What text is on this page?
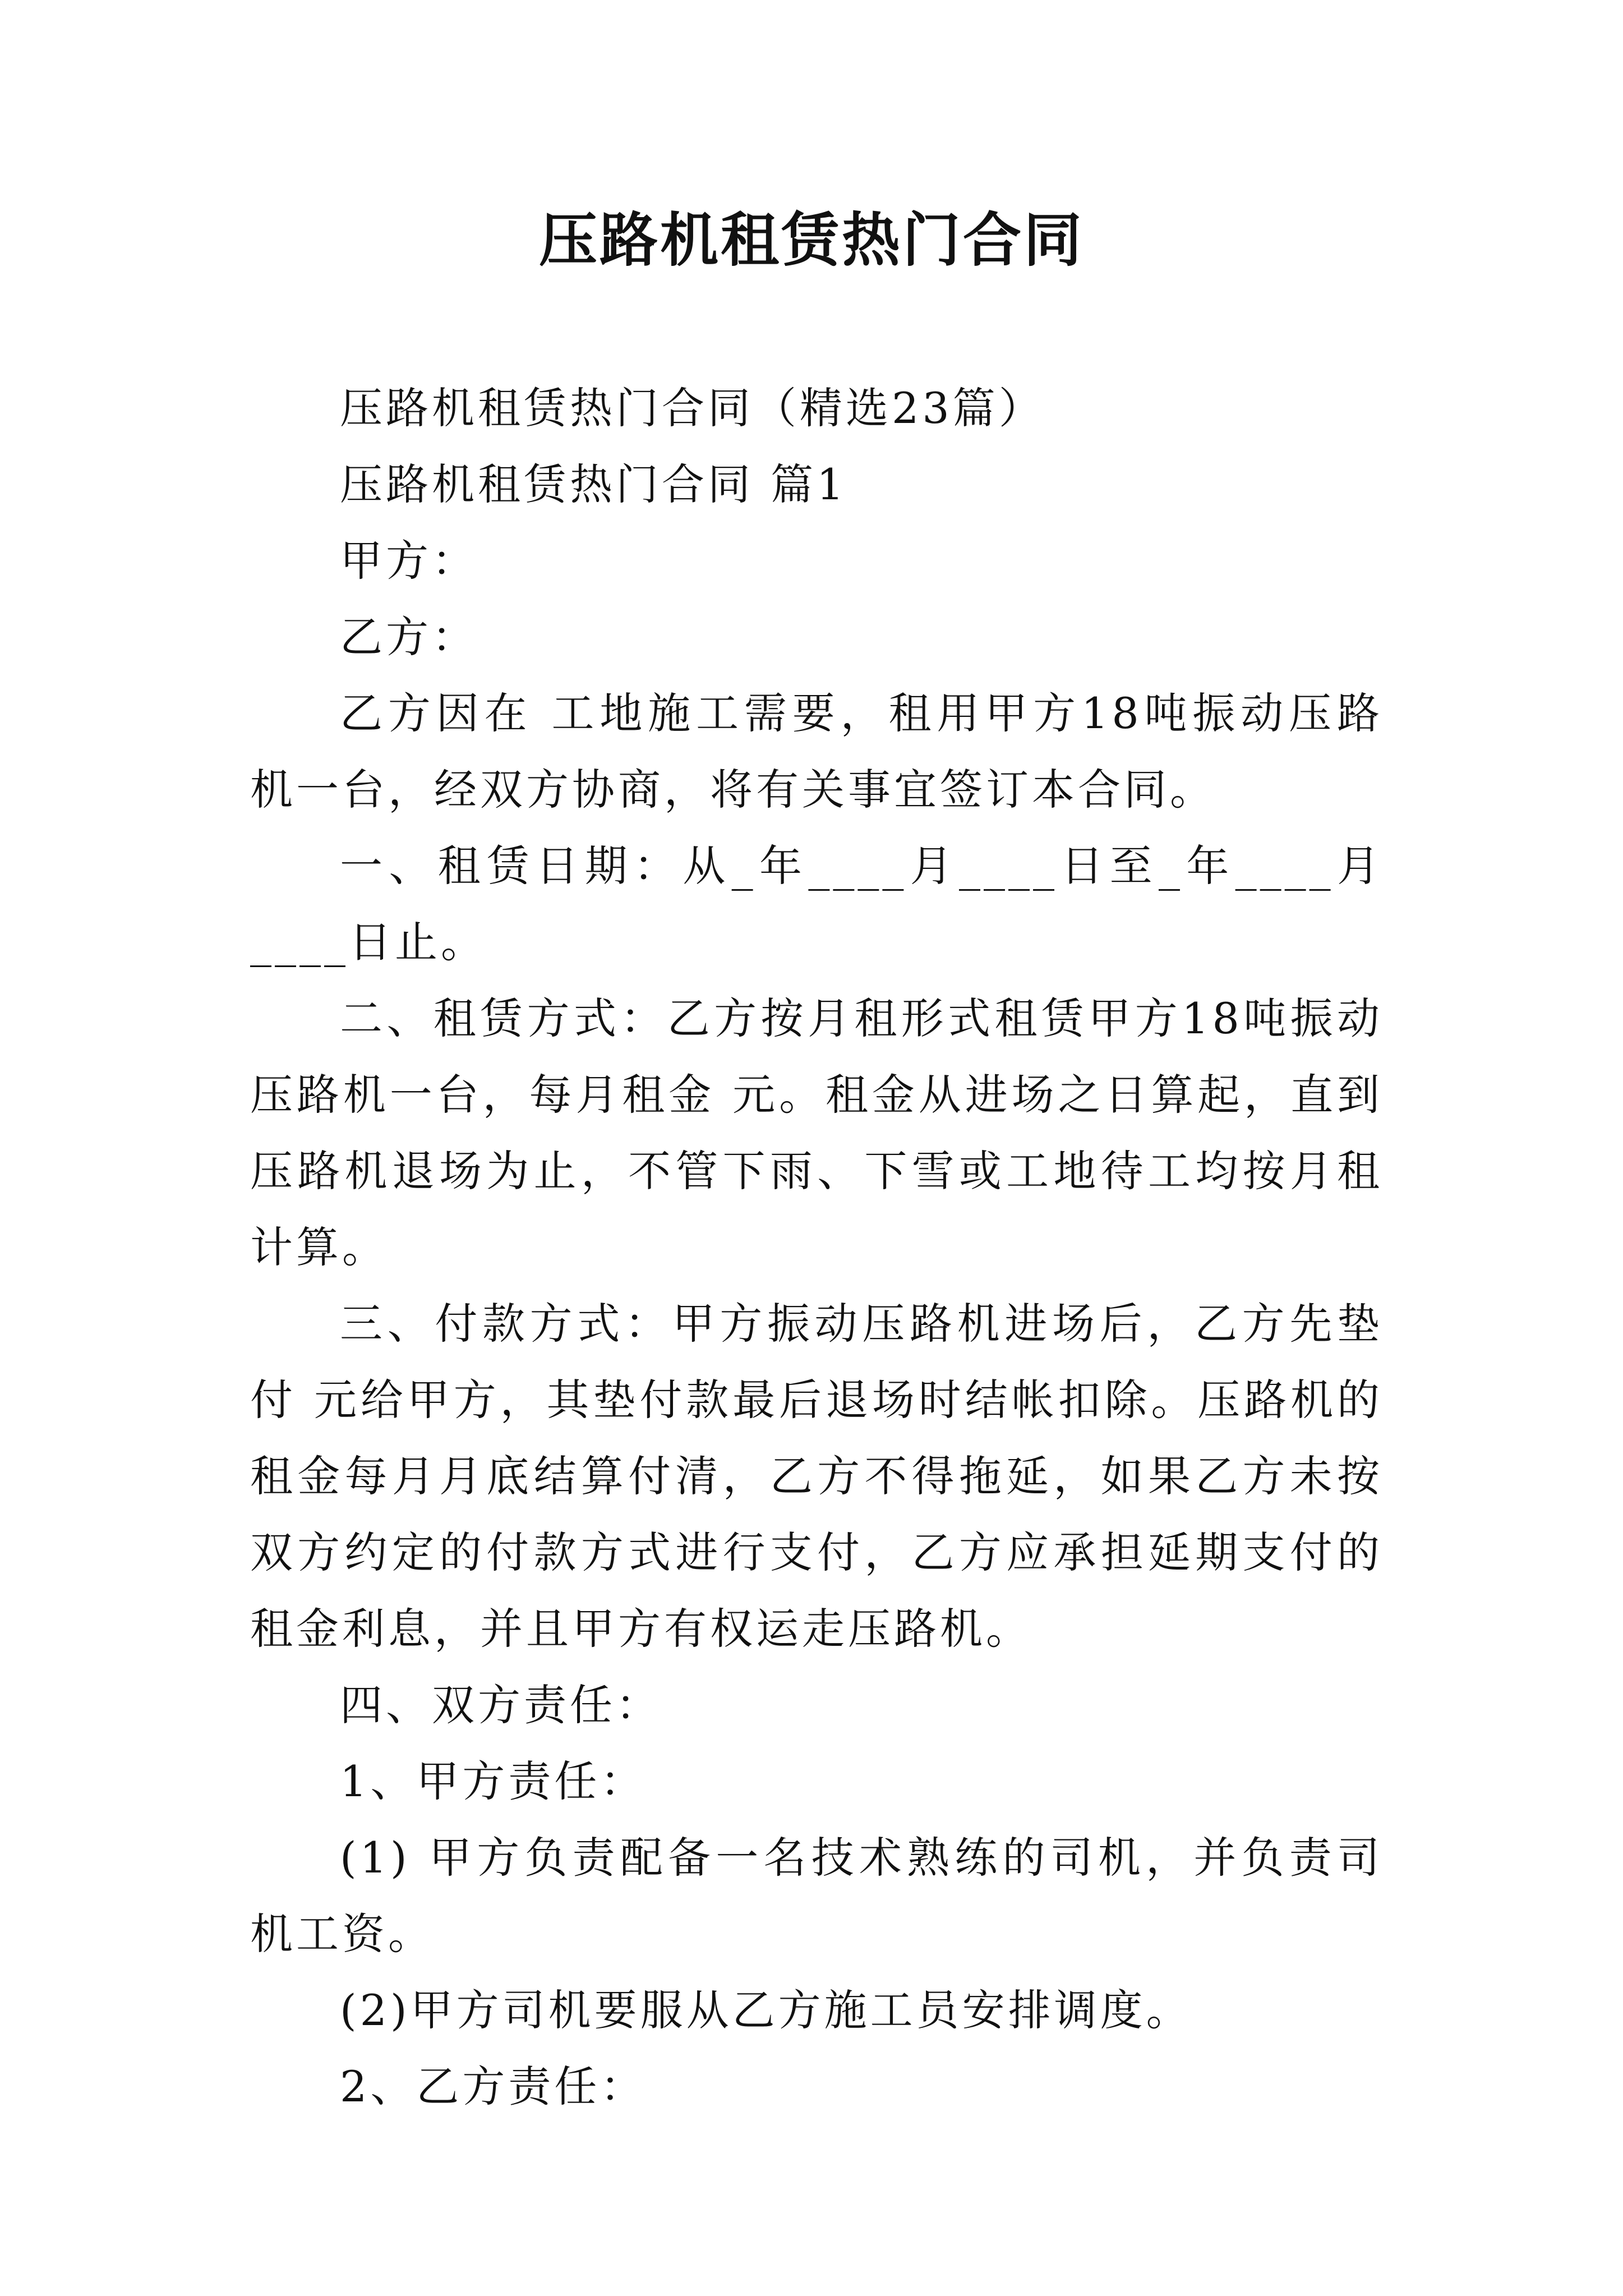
压路机租赁热门合同

压路机租赁热门合同（精选23篇）

压路机租赁热门合同 篇1

甲方：

乙方：

乙方因在 工地施工需要，租用甲方18吨振动压路机一台，经双方协商，将有关事宜签订本合同。

一、租赁日期：从_年____月____日至_年____月____日止。

二、租赁方式：乙方按月租形式租赁甲方18吨振动压路机一台，每月租金 元。租金从进场之日算起，直到压路机退场为止，不管下雨、下雪或工地待工均按月租计算。

三、付款方式：甲方振动压路机进场后，乙方先垫付 元给甲方，其垫付款最后退场时结帐扣除。压路机的租金每月月底结算付清，乙方不得拖延，如果乙方未按双方约定的付款方式进行支付，乙方应承担延期支付的租金利息，并且甲方有权运走压路机。

四、双方责任：

1、甲方责任：

(1) 甲方负责配备一名技术熟练的司机，并负责司机工资。

(2)甲方司机要服从乙方施工员安排调度。

2、乙方责任：
